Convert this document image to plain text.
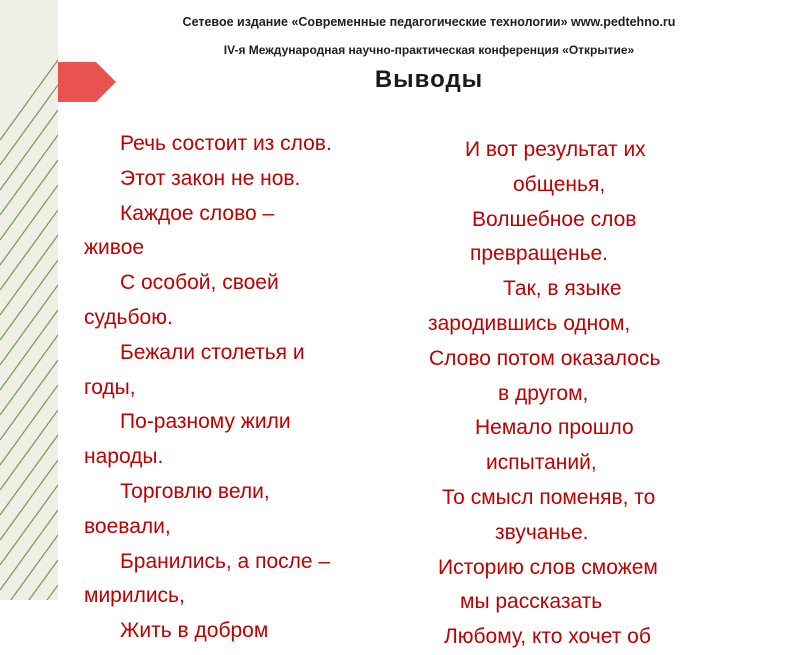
Сетевое издание «Современные педагогические технологии» www.pedtehno.ru
IV-я Международная научно-практическая конференция «Открытие»
Выводы
Речь состоит из слов.
Этот закон не нов.
Каждое слово –
живое
С особой, своей
судьбою.
Бежали столетья и
годы,
По-разному жили
народы.
Торговлю вели,
воевали,
Бранились, а после –
мирились,
Жить в добром
И вот результат их
общенья,
Волшебное слов
превращенье.
Так, в языке
зародившись одном,
Слово потом оказалось
в другом,
Немало прошло
испытаний,
То смысл поменяв, то
звучанье.
Историю слов сможем
мы рассказать
Любому, кто хочет об
